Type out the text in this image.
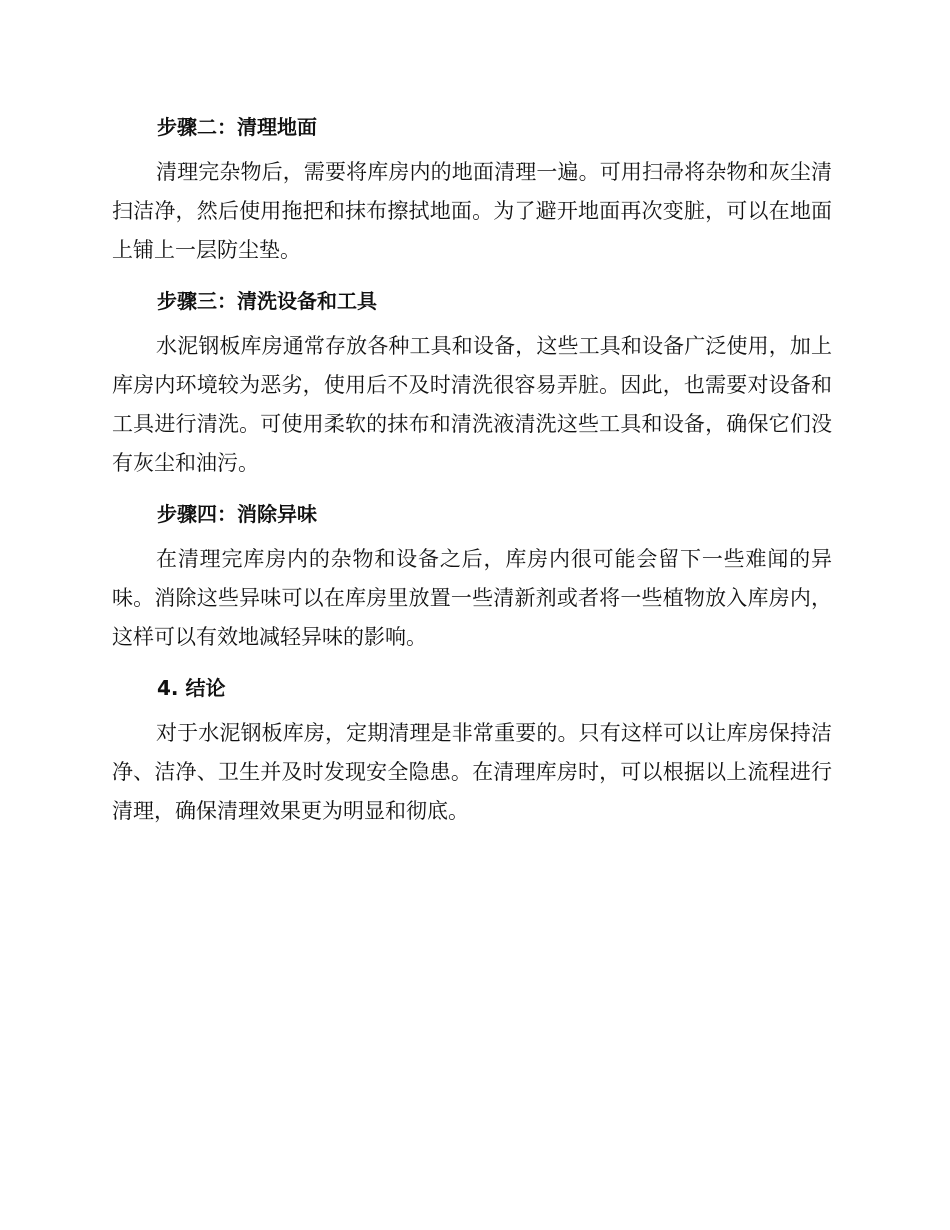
步骤二：清理地面

清理完杂物后，需要将库房内的地面清理一遍。可用扫帚将杂物和灰尘清扫洁净，然后使用拖把和抹布擦拭地面。为了避开地面再次变脏，可以在地面上铺上一层防尘垫。

步骤三：清洗设备和工具

水泥钢板库房通常存放各种工具和设备，这些工具和设备广泛使用，加上库房内环境较为恶劣，使用后不及时清洗很容易弄脏。因此，也需要对设备和工具进行清洗。可使用柔软的抹布和清洗液清洗这些工具和设备，确保它们没有灰尘和油污。

步骤四：消除异味

在清理完库房内的杂物和设备之后，库房内很可能会留下一些难闻的异味。消除这些异味可以在库房里放置一些清新剂或者将一些植物放入库房内，这样可以有效地减轻异味的影响。

4. 结论

对于水泥钢板库房，定期清理是非常重要的。只有这样可以让库房保持洁净、洁净、卫生并及时发现安全隐患。在清理库房时，可以根据以上流程进行清理，确保清理效果更为明显和彻底。
